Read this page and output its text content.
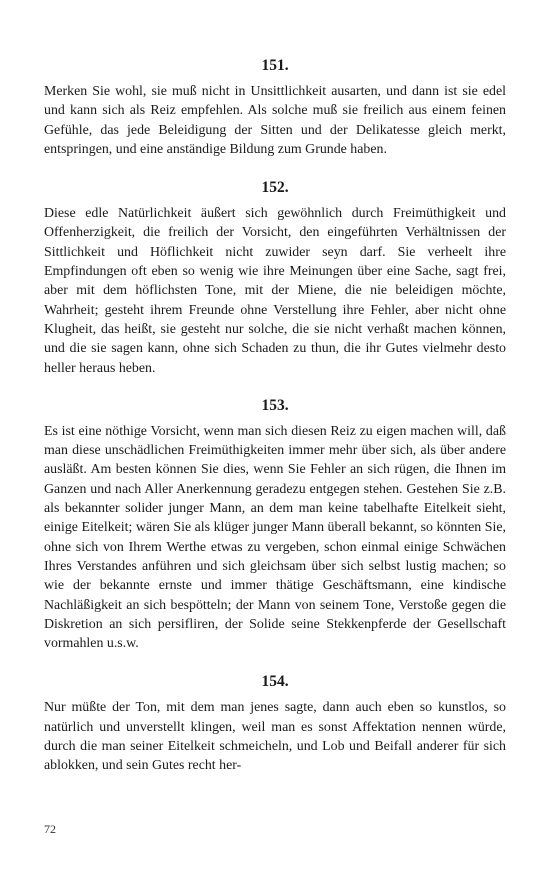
151.

Merken Sie wohl, sie muß nicht in Unsittlichkeit ausarten, und dann ist sie edel und kann sich als Reiz empfehlen. Als solche muß sie freilich aus einem feinen Gefühle, das jede Beleidigung der Sitten und der Delikatesse gleich merkt, entspringen, und eine anständige Bildung zum Grunde haben.

152.

Diese edle Natürlichkeit äußert sich gewöhnlich durch Freimüthigkeit und Offenherzigkeit, die freilich der Vorsicht, den eingeführten Verhältnissen der Sittlichkeit und Höflichkeit nicht zuwider seyn darf. Sie verheelt ihre Empfindungen oft eben so wenig wie ihre Meinungen über eine Sache, sagt frei, aber mit dem höflichsten Tone, mit der Miene, die nie beleidigen möchte, Wahrheit; gesteht ihrem Freunde ohne Verstellung ihre Fehler, aber nicht ohne Klugheit, das heißt, sie gesteht nur solche, die sie nicht verhaßt machen können, und die sie sagen kann, ohne sich Schaden zu thun, die ihr Gutes vielmehr desto heller heraus heben.

153.

Es ist eine nöthige Vorsicht, wenn man sich diesen Reiz zu eigen machen will, daß man diese unschädlichen Freimüthigkeiten immer mehr über sich, als über andere ausläßt. Am besten können Sie dies, wenn Sie Fehler an sich rügen, die Ihnen im Ganzen und nach Aller Anerkennung geradezu entgegen stehen. Gestehen Sie z.B. als bekannter solider junger Mann, an dem man keine tabelhafte Eitelkeit sieht, einige Eitelkeit; wären Sie als klüger junger Mann überall bekannt, so könnten Sie, ohne sich von Ihrem Werthe etwas zu vergeben, schon einmal einige Schwächen Ihres Verstandes anführen und sich gleichsam über sich selbst lustig machen; so wie der bekannte ernste und immer thätige Geschäftsmann, eine kindische Nachläßigkeit an sich bespötteln; der Mann von seinem Tone, Verstoße gegen die Diskretion an sich persifliren, der Solide seine Stekkenpferde der Gesellschaft vormahlen u.s.w.

154.

Nur müßte der Ton, mit dem man jenes sagte, dann auch eben so kunstlos, so natürlich und unverstellt klingen, weil man es sonst Affektation nennen würde, durch die man seiner Eitelkeit schmeicheln, und Lob und Beifall anderer für sich ablokken, und sein Gutes recht her-

72
